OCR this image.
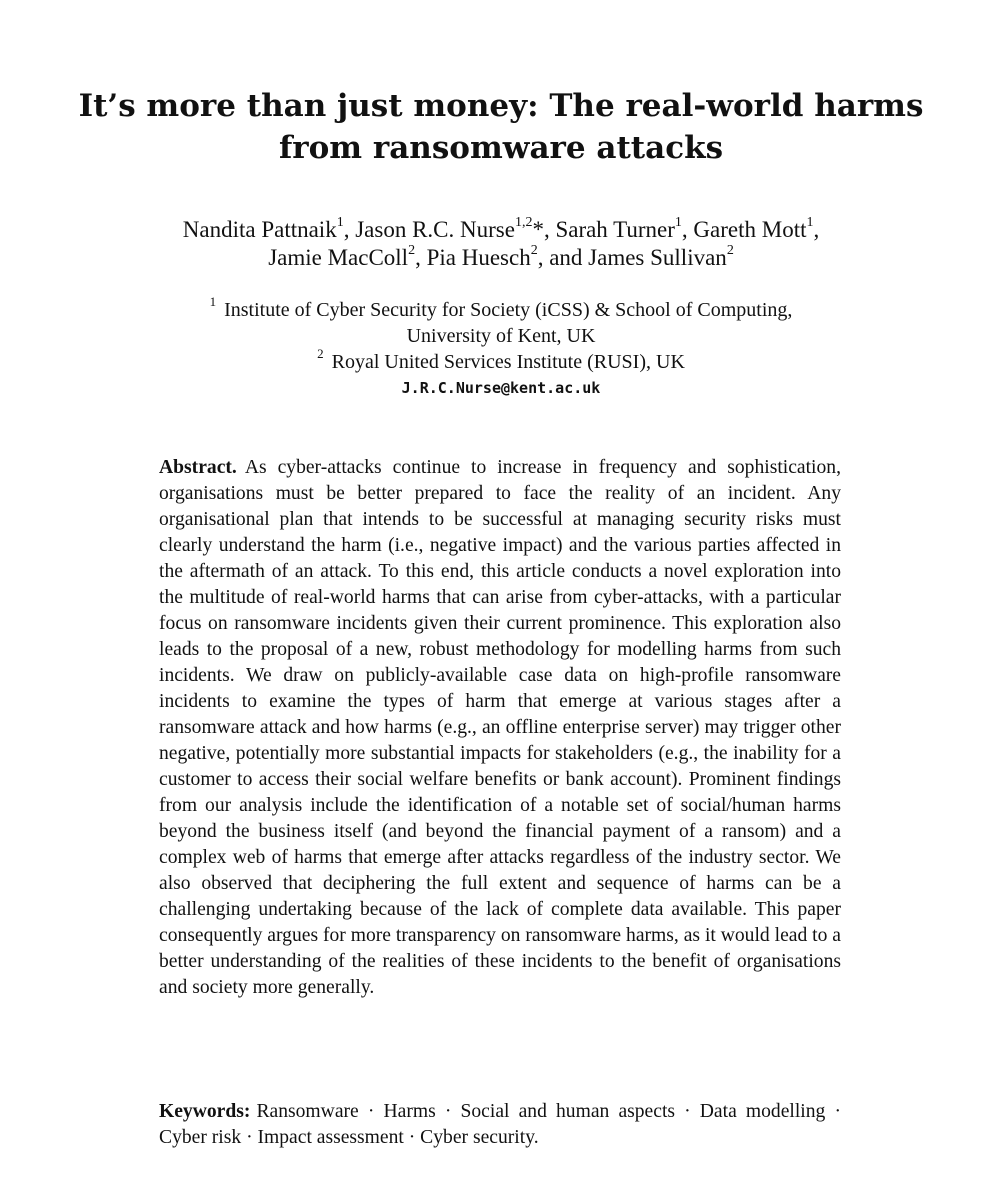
It’s more than just money: The real-world harms
from ransomware attacks
Nandita Pattnaik$^1$, Jason R.C. Nurse$^{1,2}$*, Sarah Turner$^1$, Gareth Mott$^1$,
Jamie MacColl$^2$, Pia Huesch$^2$, and James Sullivan$^2$
$^1$ Institute of Cyber Security for Society (iCSS) & School of Computing,
University of Kent, UK
$^2$ Royal United Services Institute (RUSI), UK
J.R.C.Nurse@kent.ac.uk
Abstract. As cyber-attacks continue to increase in frequency and sophistication, organisations must be better prepared to face the reality of an incident. Any organisational plan that intends to be successful at managing security risks must clearly understand the harm (i.e., negative impact) and the various parties affected in the aftermath of an attack. To this end, this article conducts a novel exploration into the multitude of real-world harms that can arise from cyber-attacks, with a particular focus on ransomware incidents given their current prominence. This exploration also leads to the proposal of a new, robust methodology for modelling harms from such incidents. We draw on publicly-available case data on high-profile ransomware incidents to examine the types of harm that emerge at various stages after a ransomware attack and how harms (e.g., an offline enterprise server) may trigger other negative, potentially more substantial impacts for stakeholders (e.g., the inability for a customer to access their social welfare benefits or bank account). Prominent findings from our analysis include the identification of a notable set of social/human harms beyond the business itself (and beyond the financial payment of a ransom) and a complex web of harms that emerge after attacks regardless of the industry sector. We also observed that deciphering the full extent and sequence of harms can be a challenging undertaking because of the lack of complete data available. This paper consequently argues for more transparency on ransomware harms, as it would lead to a better understanding of the realities of these incidents to the benefit of organisations and society more generally.
Keywords: Ransomware · Harms · Social and human aspects · Data modelling · Cyber risk · Impact assessment · Cyber security.
